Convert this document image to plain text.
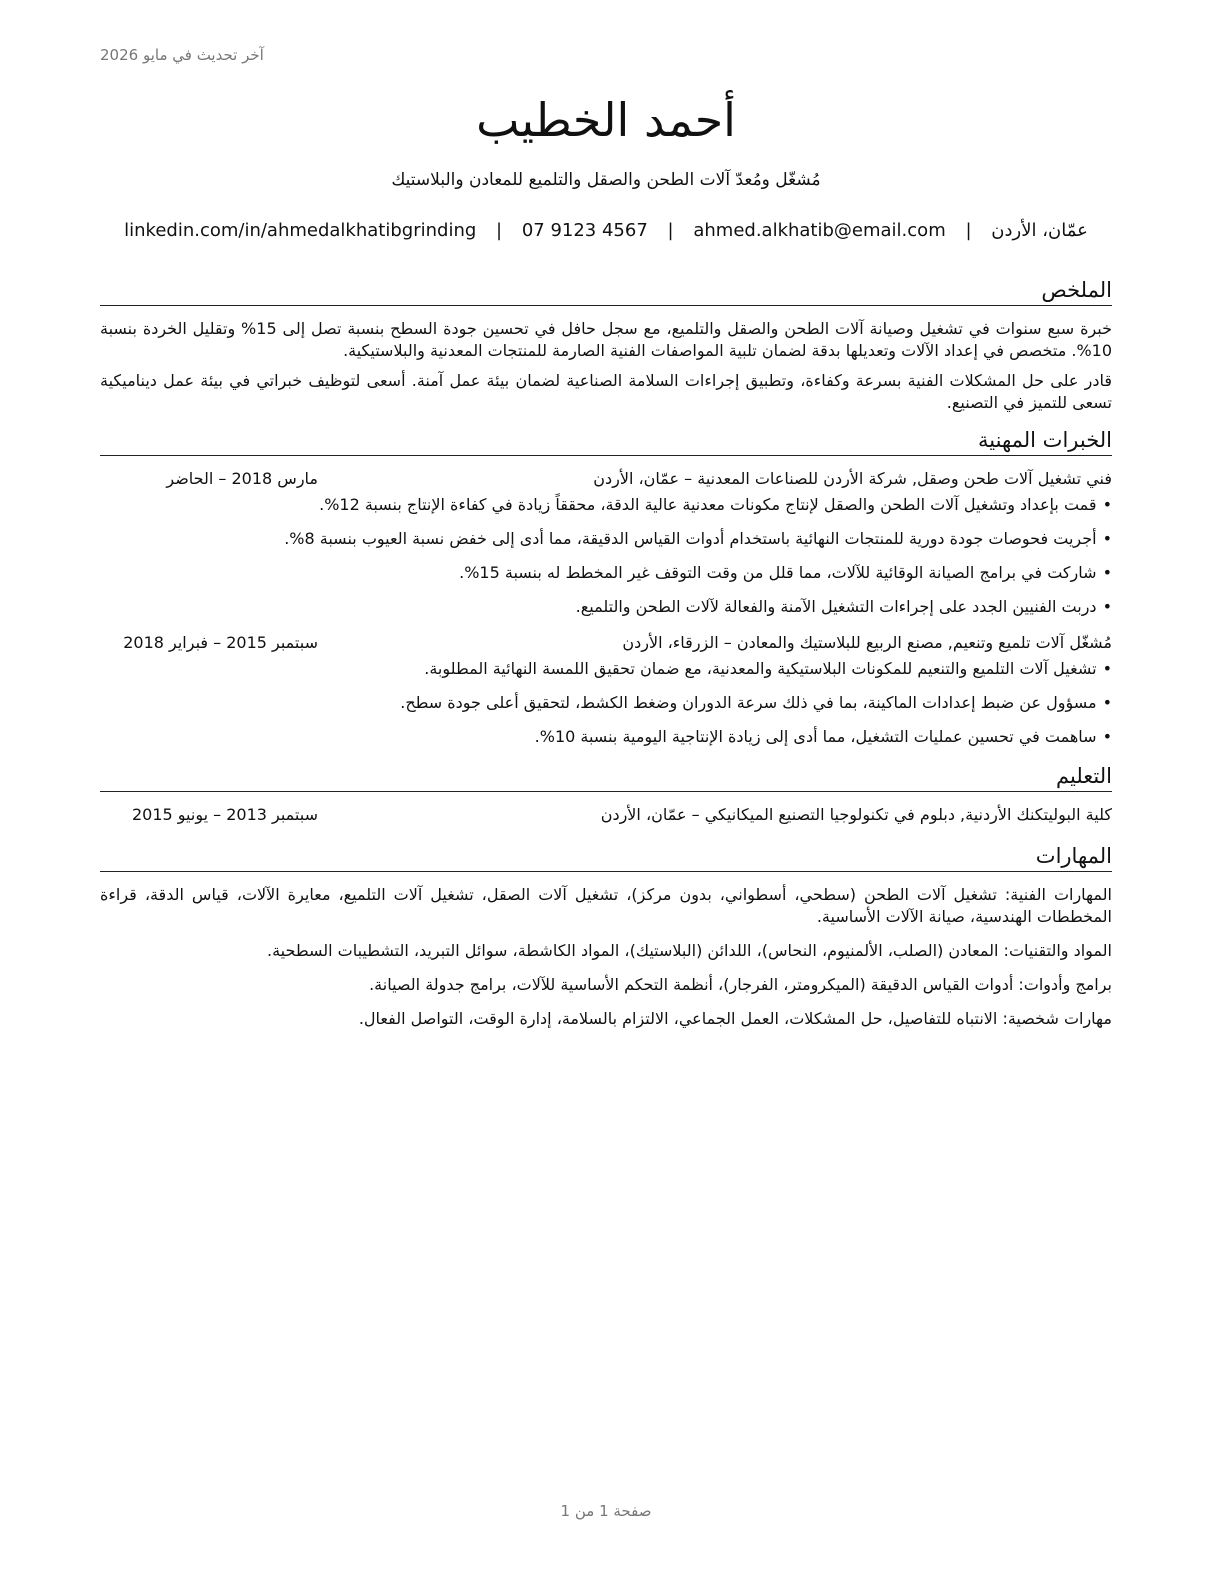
آخر تحديث في مايو 2026
أحمد الخطيب
مُشغّل ومُعدّ آلات الطحن والصقل والتلميع للمعادن والبلاستيك
عمّان، الأردن | ahmed.alkhatib@email.com | 07 9123 4567 | linkedin.com/in/ahmedalkhatibgrinding
الملخص

خبرة سبع سنوات في تشغيل وصيانة آلات الطحن والصقل والتلميع، مع سجل حافل في تحسين جودة السطح بنسبة تصل إلى 15% وتقليل الخردة بنسبة 10%. متخصص في إعداد الآلات وتعديلها بدقة لضمان تلبية المواصفات الفنية الصارمة للمنتجات المعدنية والبلاستيكية.

قادر على حل المشكلات الفنية بسرعة وكفاءة، وتطبيق إجراءات السلامة الصناعية لضمان بيئة عمل آمنة. أسعى لتوظيف خبراتي في بيئة عمل ديناميكية تسعى للتميز في التصنيع.

الخبرات المهنية
فني تشغيل آلات طحن وصقل, شركة الأردن للصناعات المعدنية – عمّان، الأردن
مارس 2018 – الحاضر
•قمت بإعداد وتشغيل آلات الطحن والصقل لإنتاج مكونات معدنية عالية الدقة، محققاً زيادة في كفاءة الإنتاج بنسبة 12%.
•أجريت فحوصات جودة دورية للمنتجات النهائية باستخدام أدوات القياس الدقيقة، مما أدى إلى خفض نسبة العيوب بنسبة 8%.
•شاركت في برامج الصيانة الوقائية للآلات، مما قلل من وقت التوقف غير المخطط له بنسبة 15%.
•دربت الفنيين الجدد على إجراءات التشغيل الآمنة والفعالة لآلات الطحن والتلميع.
مُشغّل آلات تلميع وتنعيم, مصنع الربيع للبلاستيك والمعادن – الزرقاء، الأردن
سبتمبر 2015 – فبراير 2018
•تشغيل آلات التلميع والتنعيم للمكونات البلاستيكية والمعدنية، مع ضمان تحقيق اللمسة النهائية المطلوبة.
•مسؤول عن ضبط إعدادات الماكينة، بما في ذلك سرعة الدوران وضغط الكشط، لتحقيق أعلى جودة سطح.
•ساهمت في تحسين عمليات التشغيل، مما أدى إلى زيادة الإنتاجية اليومية بنسبة 10%.
التعليم
كلية البوليتكنك الأردنية, دبلوم في تكنولوجيا التصنيع الميكانيكي – عمّان، الأردن
سبتمبر 2013 – يونيو 2015
المهارات

المهارات الفنية: تشغيل آلات الطحن (سطحي، أسطواني، بدون مركز)، تشغيل آلات الصقل، تشغيل آلات التلميع، معايرة الآلات، قياس الدقة، قراءة المخططات الهندسية، صيانة الآلات الأساسية.

المواد والتقنيات: المعادن (الصلب، الألمنيوم، النحاس)، اللدائن (البلاستيك)، المواد الكاشطة، سوائل التبريد، التشطيبات السطحية.

برامج وأدوات: أدوات القياس الدقيقة (الميكرومتر، الفرجار)، أنظمة التحكم الأساسية للآلات، برامج جدولة الصيانة.

مهارات شخصية: الانتباه للتفاصيل، حل المشكلات، العمل الجماعي، الالتزام بالسلامة، إدارة الوقت، التواصل الفعال.

صفحة 1 من 1
